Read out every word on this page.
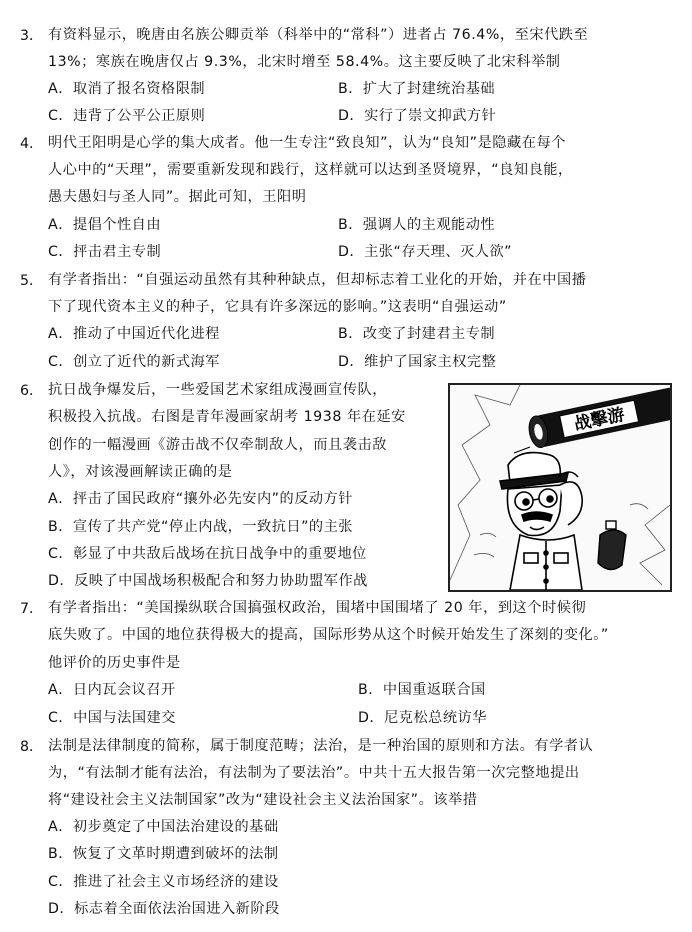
3． 有资料显示，晚唐由名族公卿贡举（科举中的“常科”）进者占 76.4%，至宋代跌至
13%；寒族在晚唐仅占 9.3%，北宋时增至 58.4%。这主要反映了北宋科举制
A．取消了报名资格限制	B．扩大了封建统治基础
C．违背了公平公正原则	D．实行了崇文抑武方针
4． 明代王阳明是心学的集大成者。他一生专注“致良知”，认为“良知”是隐藏在每个
人心中的“天理”，需要重新发现和践行，这样就可以达到圣贤境界，“良知良能，
愚夫愚妇与圣人同”。据此可知，王阳明
A．提倡个性自由	B．强调人的主观能动性
C．抨击君主专制	D．主张“存天理、灭人欲”
5． 有学者指出：“自强运动虽然有其种种缺点，但却标志着工业化的开始，并在中国播
下了现代资本主义的种子，它具有许多深远的影响。”这表明“自强运动”
A．推动了中国近代化进程	B．改变了封建君主专制
C．创立了近代的新式海军	D．维护了国家主权完整
6． 抗日战争爆发后，一些爱国艺术家组成漫画宣传队，
积极投入抗战。右图是青年漫画家胡考 1938 年在延安
创作的一幅漫画《游击战不仅牵制敌人，而且袭击敌
人》，对该漫画解读正确的是
A．抨击了国民政府“攘外必先安内”的反动方针
B．宣传了共产党“停止内战，一致抗日”的主张
C．彰显了中共敌后战场在抗日战争中的重要地位
D．反映了中国战场积极配合和努力协助盟军作战
战擊游
7． 有学者指出：“美国操纵联合国搞强权政治，围堵中国围堵了 20 年，到这个时候彻
底失败了。中国的地位获得极大的提高，国际形势从这个时候开始发生了深刻的变化。”
他评价的历史事件是
A．日内瓦会议召开	B．中国重返联合国
C．中国与法国建交	D．尼克松总统访华
8． 法制是法律制度的简称，属于制度范畴；法治，是一种治国的原则和方法。有学者认
为，“有法制才能有法治，有法制为了要法治”。中共十五大报告第一次完整地提出
将“建设社会主义法制国家”改为“建设社会主义法治国家”。该举措
A．初步奠定了中国法治建设的基础
B．恢复了文革时期遭到破坏的法制
C．推进了社会主义市场经济的建设
D．标志着全面依法治国进入新阶段
